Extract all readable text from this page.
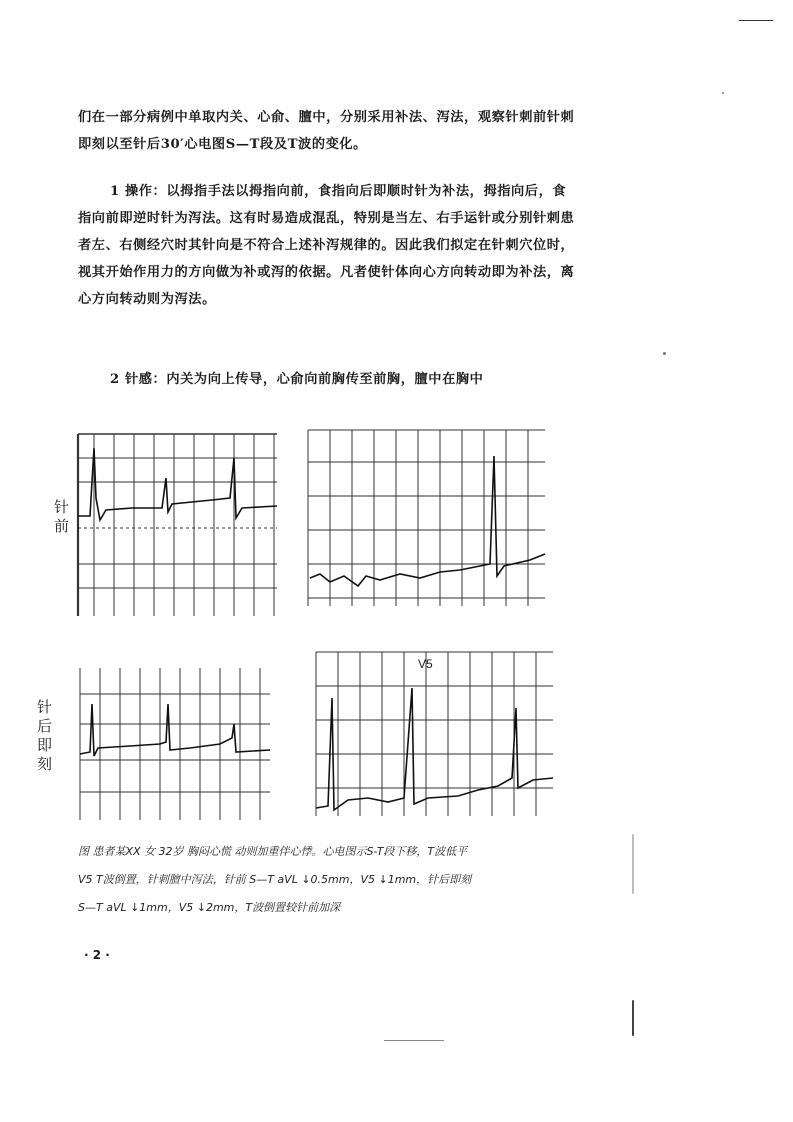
们在一部分病例中单取内关、心俞、膻中，分别采用补法、泻法，观察针刺前针刺即刻以至针后30′心电图S—T段及T波的变化。
1 操作：以拇指手法以拇指向前，食指向后即顺时针为补法，拇指向后，食指向前即逆时针为泻法。这有时易造成混乱，特别是当左、右手运针或分别针刺患者左、右侧经穴时其针向是不符合上述补泻规律的。因此我们拟定在针刺穴位时，视其开始作用力的方向做为补或泻的依据。凡者使针体向心方向转动即为补法，离心方向转动则为泻法。
2 针感：内关为向上传导，心俞向前胸传至前胸，膻中在胸中
V5
针
前
针
后
即
刻
图 患者某XX 女 32岁 胸闷心慌 动则加重伴心悸。心电图示S-T段下移，T波低平
V5 T波倒置，针刺膻中泻法，针前 S—T aVL ↓0.5mm，V5 ↓1mm，针后即刻
S—T aVL ↓1mm，V5 ↓2mm，T波倒置较针前加深
· 2 ·
